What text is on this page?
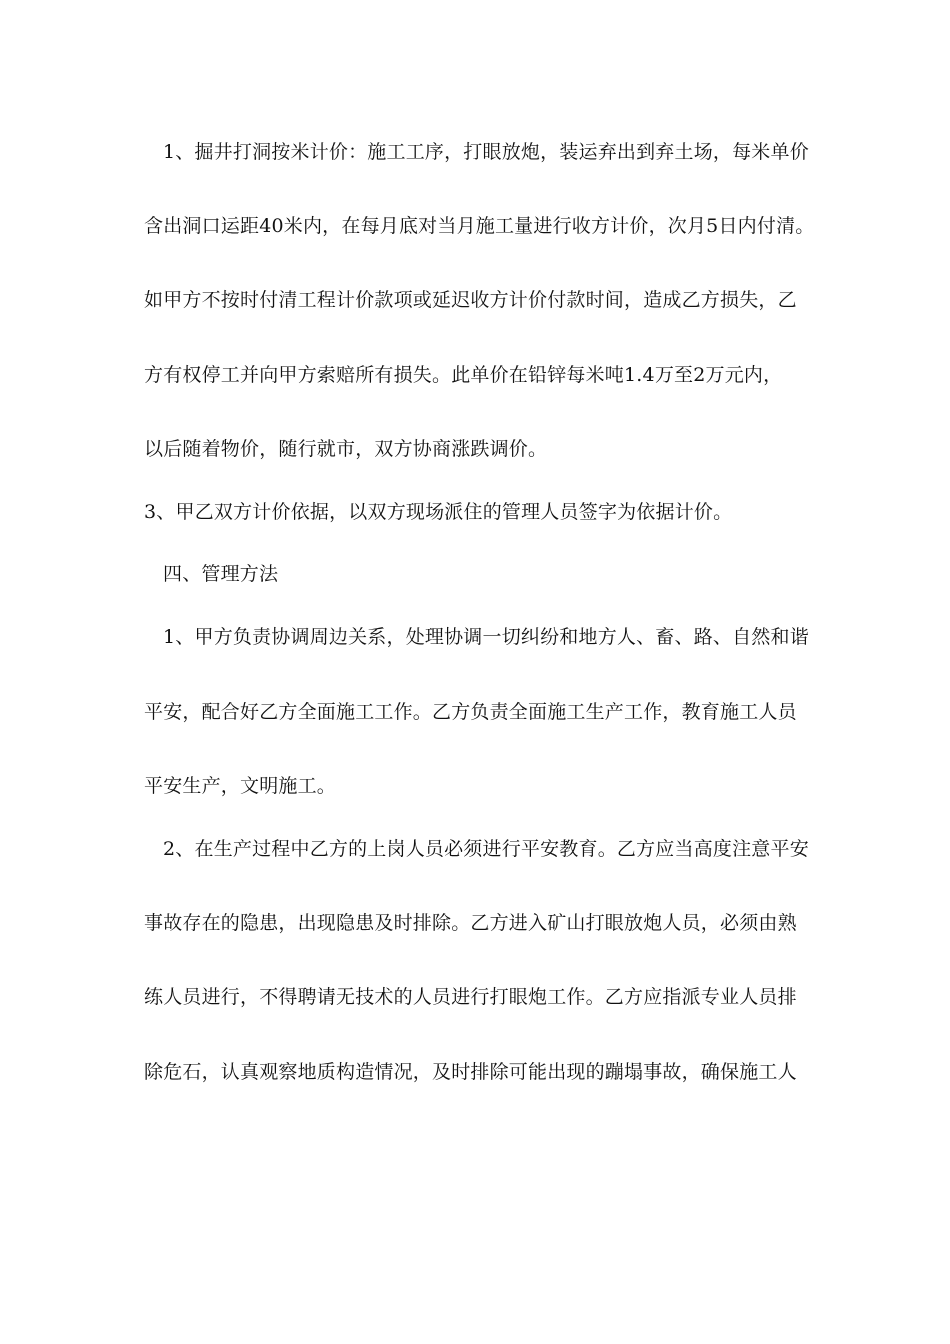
1、掘井打洞按米计价：施工工序，打眼放炮，装运弃出到弃土场，每米单价
含出洞口运距40米内，在每月底对当月施工量进行收方计价，次月5日内付清。
如甲方不按时付清工程计价款项或延迟收方计价付款时间，造成乙方损失，乙
方有权停工并向甲方索赔所有损失。此单价在铅锌每米吨1.4万至2万元内，
以后随着物价，随行就市，双方协商涨跌调价。
3、甲乙双方计价依据，以双方现场派住的管理人员签字为依据计价。
四、管理方法
1、甲方负责协调周边关系，处理协调一切纠纷和地方人、畜、路、自然和谐
平安，配合好乙方全面施工工作。乙方负责全面施工生产工作，教育施工人员
平安生产，文明施工。
2、在生产过程中乙方的上岗人员必须进行平安教育。乙方应当高度注意平安
事故存在的隐患，出现隐患及时排除。乙方进入矿山打眼放炮人员，必须由熟
练人员进行，不得聘请无技术的人员进行打眼炮工作。乙方应指派专业人员排
除危石，认真观察地质构造情况，及时排除可能出现的蹦塌事故，确保施工人
